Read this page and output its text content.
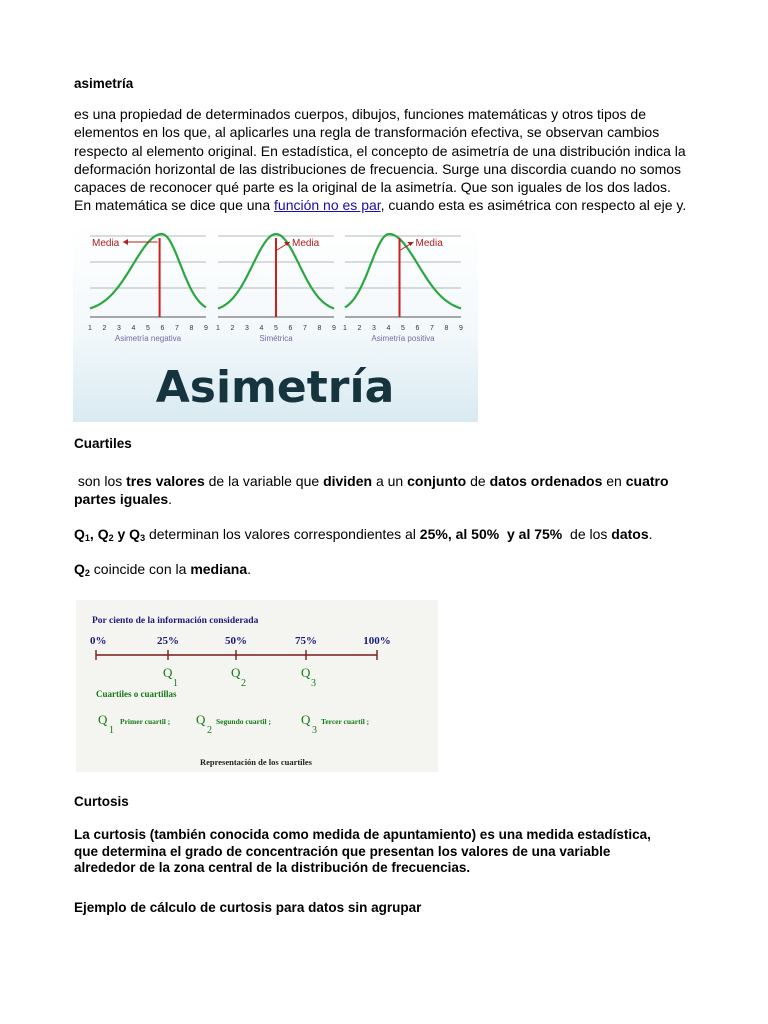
asimetría
es una propiedad de determinados cuerpos, dibujos, funciones matemáticas y otros tipos de
elementos en los que, al aplicarles una regla de transformación efectiva, se observan cambios
respecto al elemento original. En estadística, el concepto de asimetría de una distribución indica la
deformación horizontal de las distribuciones de frecuencia. Surge una discordia cuando no somos
capaces de reconocer qué parte es la original de la asimetría. Que son iguales de los dos lados.
En matemática se dice que una función no es par, cuando esta es asimétrica con respecto al eje y.
Media
1 2 3 4 5 6 7 8 9
Asimetría negativa
Media
1 2 3 4 5 6 7 8 9
Simétrica
Media
1 2 3 4 5 6 7 8 9
Asimetría positiva
Asimetría
Cuartiles
son los tres valores de la variable que dividen a un conjunto de datos ordenados en cuatro
partes iguales.
$Q_1$, $Q_2$ y $Q_3$ determinan los valores correspondientes al 25%, al 50%  y al 75%  de los datos.
$Q_2$ coincide con la mediana.
Por ciento de la información considerada
0%	25%	50%	75%	100%
Q
1
Q
2
Q
3
Q
1
Primer cuartil ; Q
2
Segundo cuartil ; Q
3
Tercer cuartil ;
Cuartiles o cuartillas
Representación de los cuartiles
Curtosis
La curtosis (también conocida como medida de apuntamiento) es una medida estadística,
que determina el grado de concentración que presentan los valores de una variable
alrededor de la zona central de la distribución de frecuencias.
Ejemplo de cálculo de curtosis para datos sin agrupar
